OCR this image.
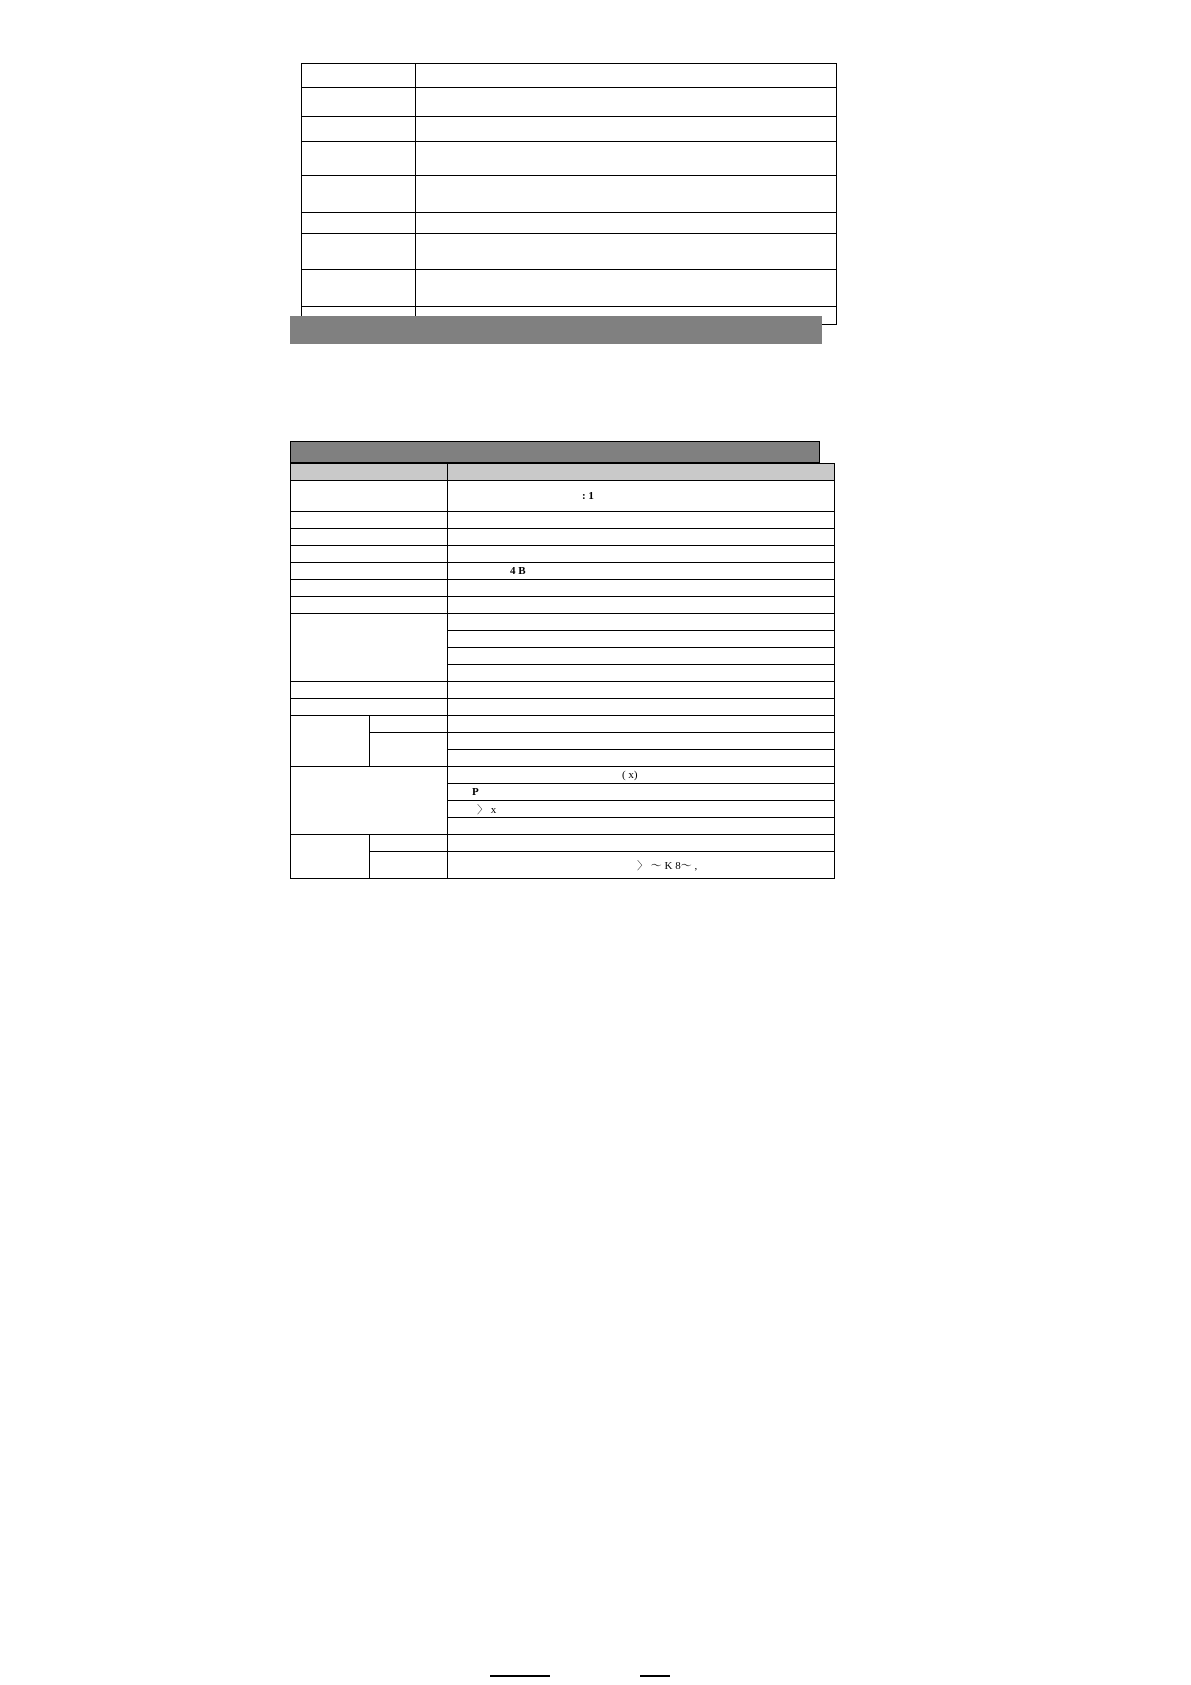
		: 1

		4 B

		( x)

		P

		〉 x

		〉 ～ K 8～ ,
